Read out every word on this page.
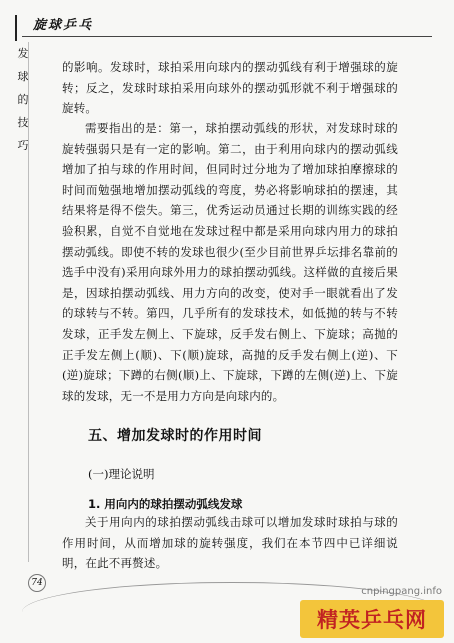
旋球乒乓
发
球
的
技
巧
的影响。发球时，球拍采用向球内的摆动弧线有利于增强球的旋转；反之，发球时球拍采用向球外的摆动弧形就不利于增强球的旋转。
需要指出的是：第一，球拍摆动弧线的形状，对发球时球的旋转强弱只是有一定的影响。第二，由于利用向球内的摆动弧线增加了拍与球的作用时间，但同时过分地为了增加球拍摩擦球的时间而勉强地增加摆动弧线的弯度，势必将影响球拍的摆速，其结果将是得不偿失。第三，优秀运动员通过长期的训练实践的经验积累，自觉不自觉地在发球过程中都是采用向球内用力的球拍摆动弧线。即使不转的发球也很少(至少目前世界乒坛排名靠前的选手中没有)采用向球外用力的球拍摆动弧线。这样做的直接后果是，因球拍摆动弧线、用力方向的改变，使对手一眼就看出了发的球转与不转。第四，几乎所有的发球技术，如低抛的转与不转发球，正手发左侧上、下旋球，反手发右侧上、下旋球；高抛的正手发左侧上(顺)、下(顺)旋球，高抛的反手发右侧上(逆)、下(逆)旋球；下蹲的右侧(顺)上、下旋球，下蹲的左侧(逆)上、下旋球的发球，无一不是用力方向是向球内的。
五、增加发球时的作用时间
(一)理论说明
1. 用向内的球拍摆动弧线发球
关于用向内的球拍摆动弧线击球可以增加发球时球拍与球的作用时间，从而增加球的旋转强度，我们在本节四中已详细说明，在此不再赘述。
74
cnpingpang.info
精英乒乓网
